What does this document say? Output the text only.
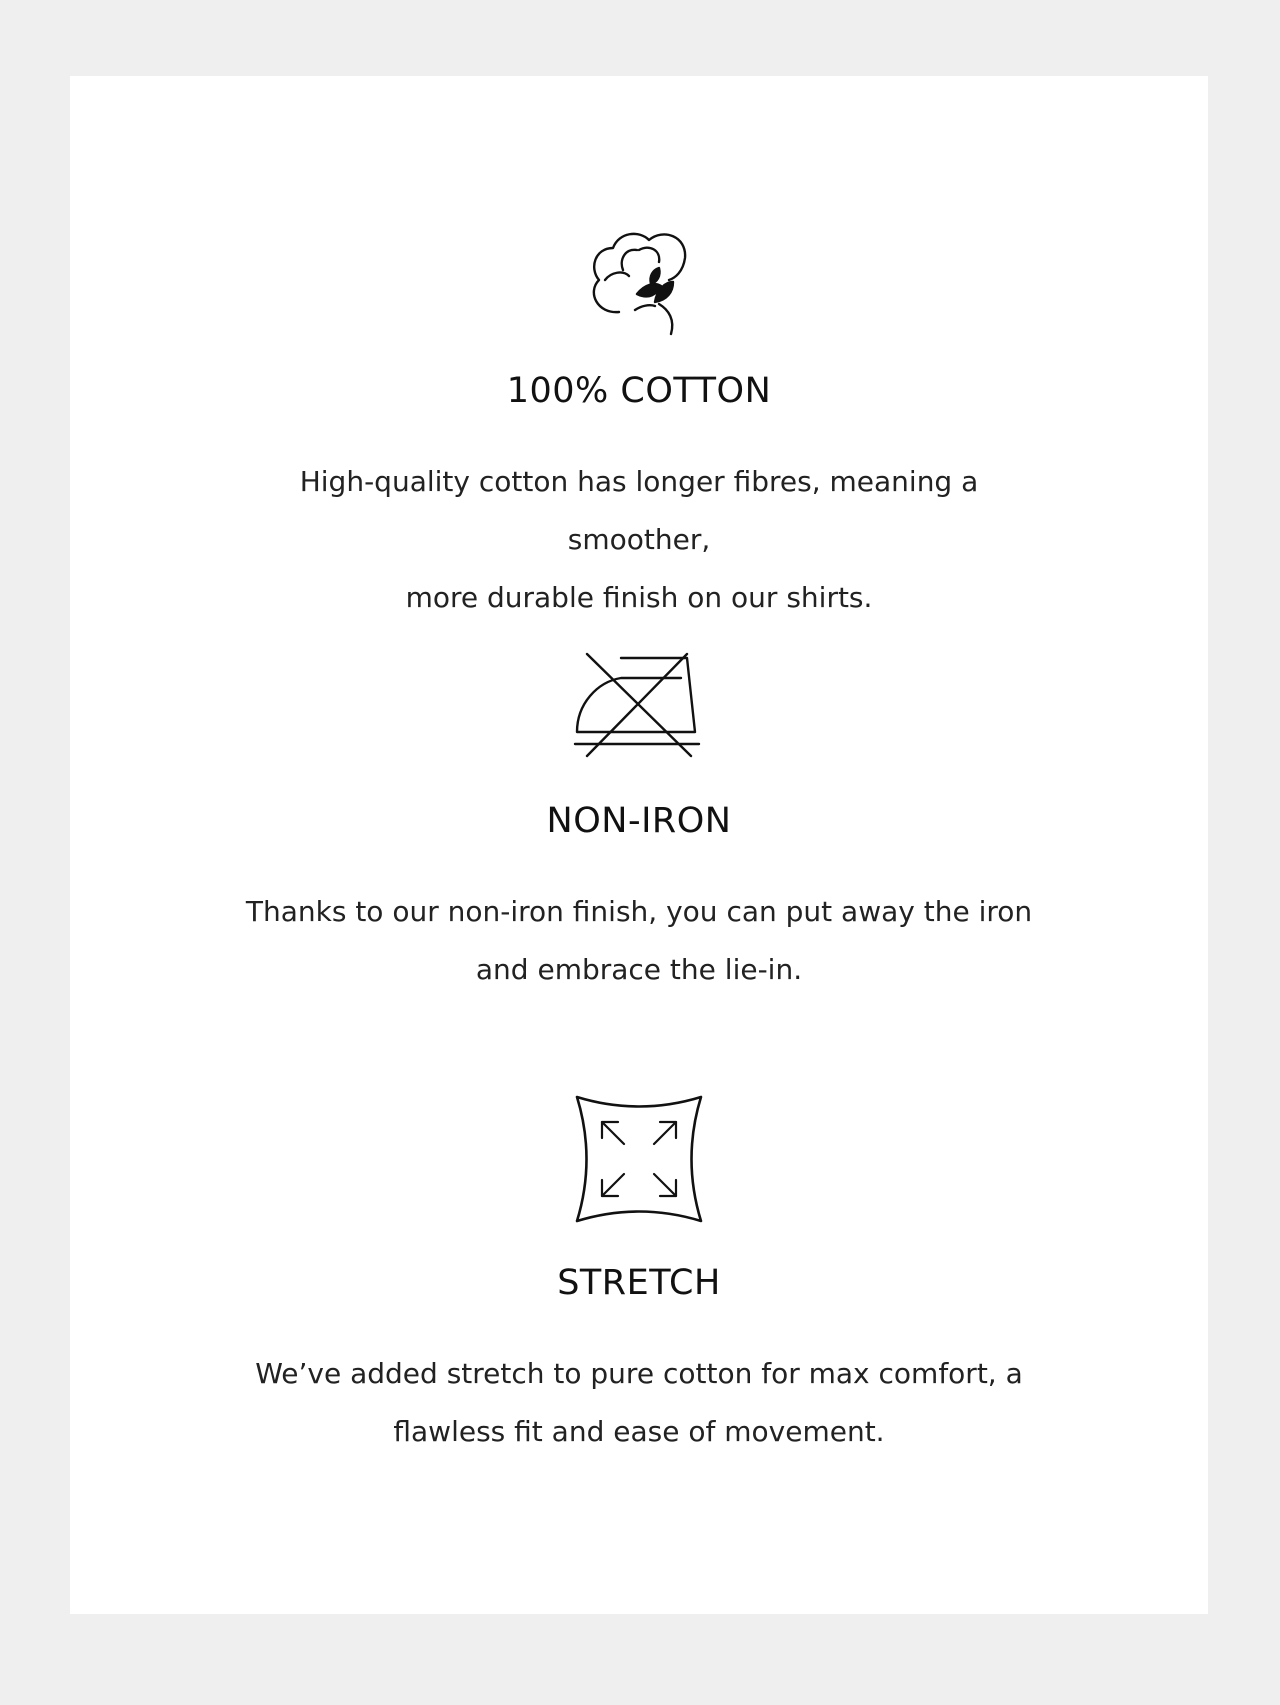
100% COTTON

High-quality cotton has longer fibres, meaning a smoother,
more durable finish on our shirts.

NON-IRON

Thanks to our non-iron finish, you can put away the iron
and embrace the lie-in.

STRETCH

We’ve added stretch to pure cotton for max comfort, a
flawless fit and ease of movement.
